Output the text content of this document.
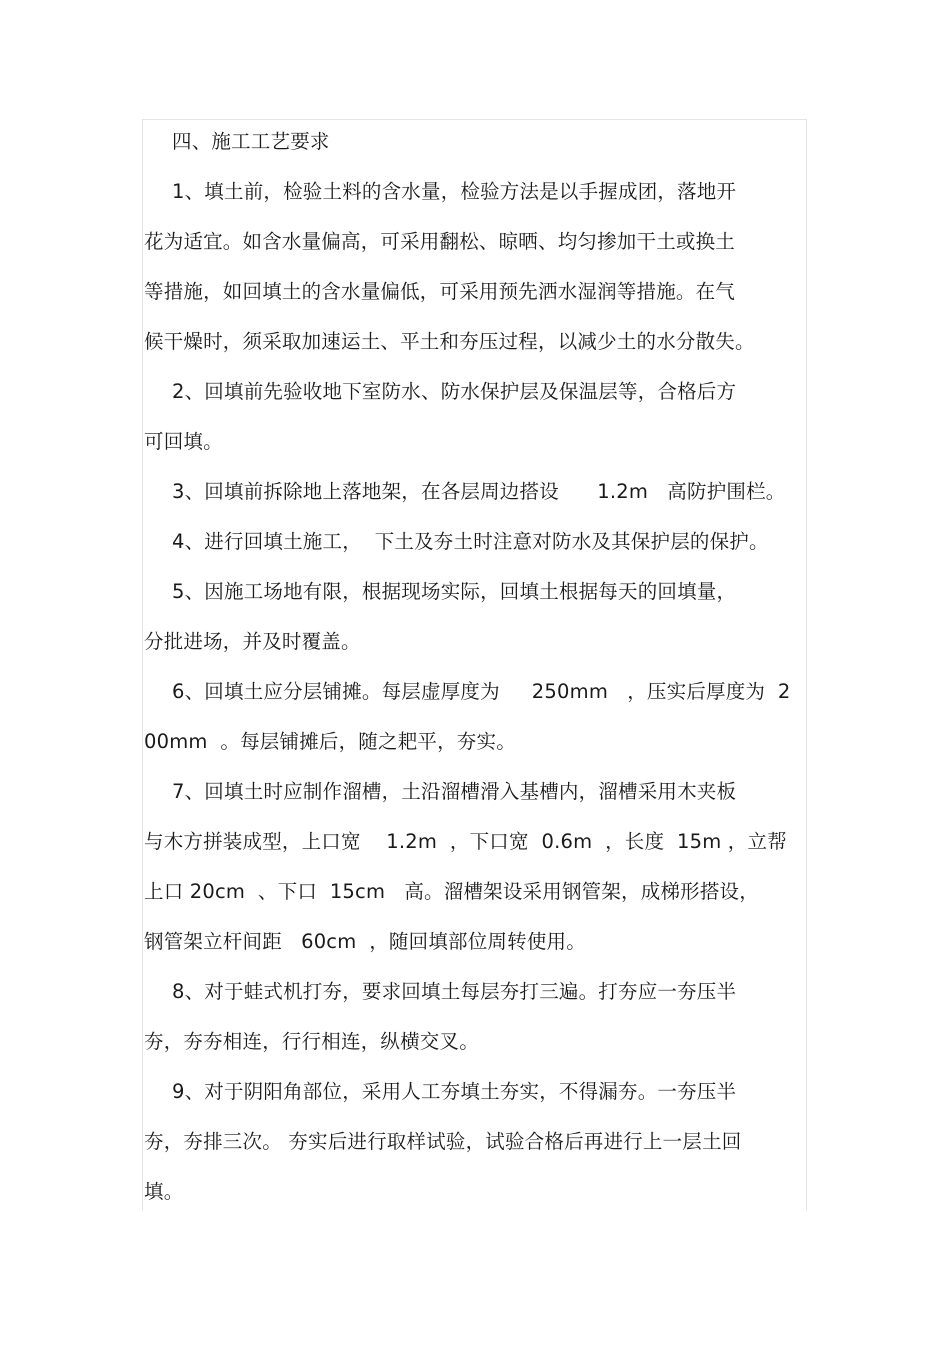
四、施工工艺要求
1、填土前，检验土料的含水量，检验方法是以手握成团，落地开
花为适宜。如含水量偏高，可采用翻松、晾晒、均匀掺加干土或换土
等措施，如回填土的含水量偏低，可采用预先洒水湿润等措施。在气
候干燥时，须采取加速运土、平土和夯压过程，以减少土的水分散失。
2、回填前先验收地下室防水、防水保护层及保温层等，合格后方
可回填。
3、回填前拆除地上落地架，在各层周边搭设      1.2m   高防护围栏。
4、进行回填土施工，  下土及夯土时注意对防水及其保护层的保护。
5、因施工场地有限，根据现场实际，回填土根据每天的回填量，
分批进场，并及时覆盖。
6、回填土应分层铺摊。每层虚厚度为     250mm   ，压实后厚度为  2
00mm  。每层铺摊后，随之耙平，夯实。
7、回填土时应制作溜槽，土沿溜槽滑入基槽内，溜槽采用木夹板
与木方拼装成型，上口宽    1.2m  ，下口宽  0.6m  ，长度  15m ，立帮
上口 20cm  、下口  15cm   高。溜槽架设采用钢管架，成梯形搭设，
钢管架立杆间距   60cm  ，随回填部位周转使用。
8、对于蛙式机打夯，要求回填土每层夯打三遍。打夯应一夯压半
夯，夯夯相连，行行相连，纵横交叉。
9、对于阴阳角部位，采用人工夯填土夯实，不得漏夯。一夯压半
夯，夯排三次。 夯实后进行取样试验，试验合格后再进行上一层土回
填。
